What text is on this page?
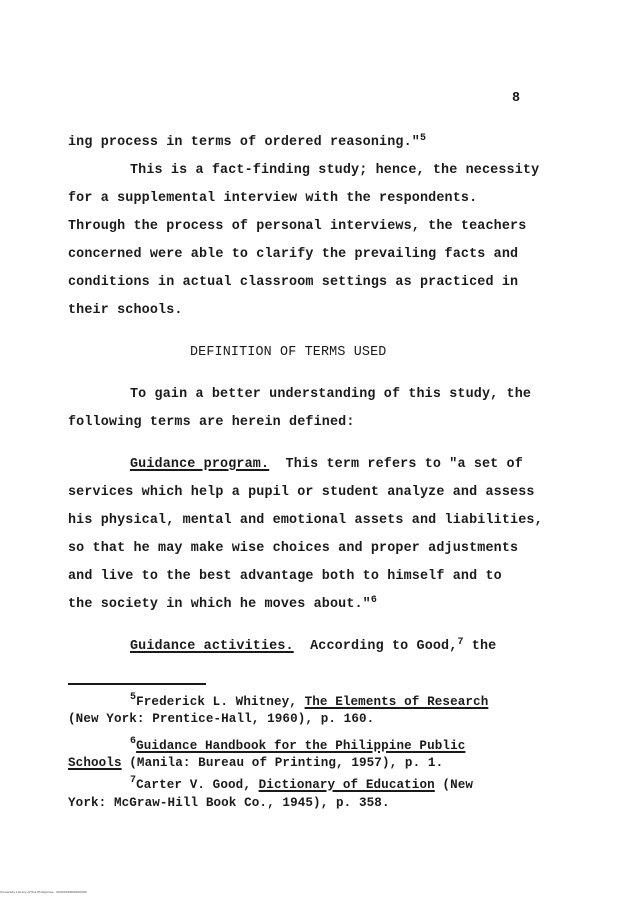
8
ing process in terms of ordered reasoning."$^5$
This is a fact-finding study; hence, the necessity
for a supplemental interview with the respondents.
Through the process of personal interviews, the teachers
concerned were able to clarify the prevailing facts and
conditions in actual classroom settings as practiced in
their schools.
DEFINITION OF TERMS USED
To gain a better understanding of this study, the
following terms are herein defined:
Guidance program.  This term refers to "a set of
services which help a pupil or student analyze and assess
his physical, mental and emotional assets and liabilities,
so that he may make wise choices and proper adjustments
and live to the best advantage both to himself and to
the society in which he moves about."$^6$
Guidance activities.  According to Good,$^7$ the
$^5$Frederick L. Whitney, The Elements of Research
(New York: Prentice-Hall, 1960), p. 160.
$^6$Guidance Handbook for the Philippine Public
Schools (Manila: Bureau of Printing, 1957), p. 1.
$^7$Carter V. Good, Dictionary of Education (New
York: McGraw-Hill Book Co., 1945), p. 358.
University Library of the Philippines · 0000000000000000
